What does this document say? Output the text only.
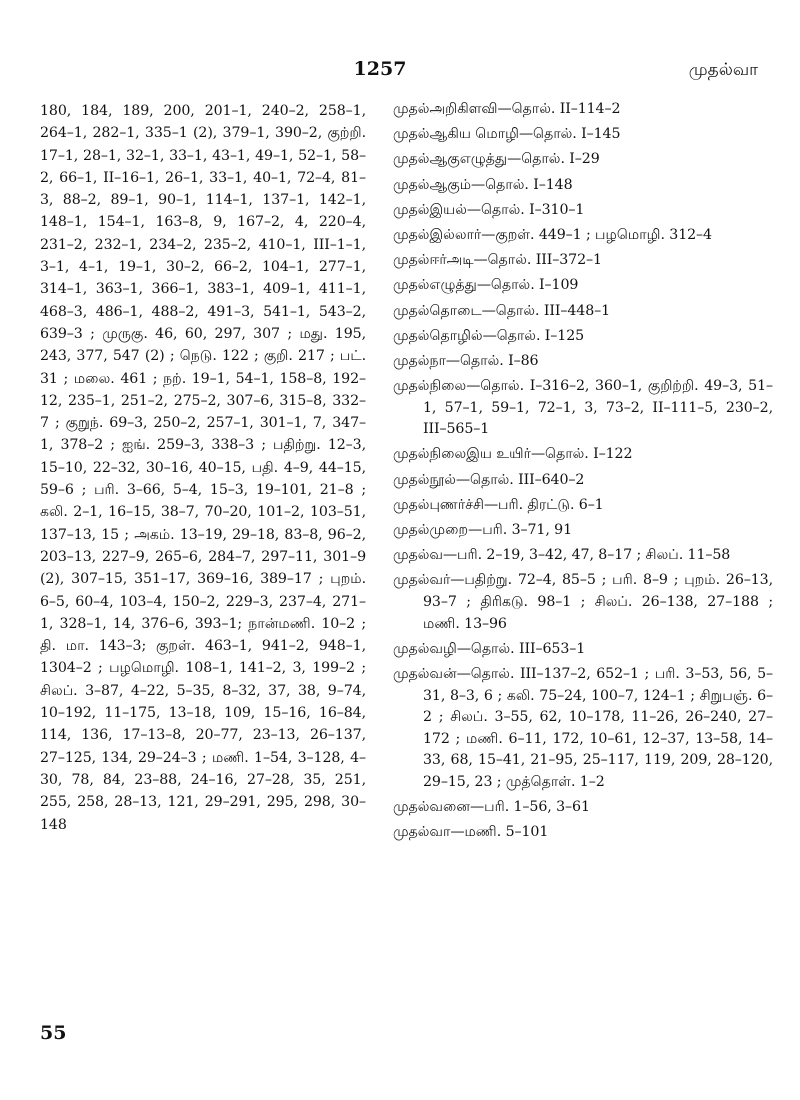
1257	முதல்வா

180, 184, 189, 200, 201–1, 240–2, 258–1, 264–1, 282–1, 335–1 (2), 379–1, 390–2, குற்றி. 17–1, 28–1, 32–1, 33–1, 43–1, 49–1, 52–1, 58–2, 66–1, II–16–1, 26–1, 33–1, 40–1, 72–4, 81–3, 88–2, 89–1, 90–1, 114–1, 137–1, 142–1, 148–1, 154–1, 163–8, 9, 167–2, 4, 220–4, 231–2, 232–1, 234–2, 235–2, 410–1, III–1–1, 3–1, 4–1, 19–1, 30–2, 66–2, 104–1, 277–1, 314–1, 363–1, 366–1, 383–1, 409–1, 411–1, 468–3, 486–1, 488–2, 491–3, 541–1, 543–2, 639–3 ; முருகு. 46, 60, 297, 307 ; மது. 195, 243, 377, 547 (2) ; நெடு. 122 ; குறி. 217 ; பட். 31 ; மலை. 461 ; நற். 19–1, 54–1, 158–8, 192–12, 235–1, 251–2, 275–2, 307–6, 315–8, 332–7 ; குறுந். 69–3, 250–2, 257–1, 301–1, 7, 347–1, 378–2 ; ஐங். 259–3, 338–3 ; பதிற்று. 12–3, 15–10, 22–32, 30–16, 40–15, பதி. 4–9, 44–15, 59–6 ; பரி. 3–66, 5–4, 15–3, 19–101, 21–8 ; கலி. 2–1, 16–15, 38–7, 70–20, 101–2, 103–51, 137–13, 15 ; அகம். 13–19, 29–18, 83–8, 96–2, 203–13, 227–9, 265–6, 284–7, 297–11, 301–9 (2), 307–15, 351–17, 369–16, 389–17 ; புறம். 6–5, 60–4, 103–4, 150–2, 229–3, 237–4, 271–1, 328–1, 14, 376–6, 393–1; நான்மணி. 10–2 ; தி. மா. 143–3; குறள். 463–1, 941–2, 948–1, 1304–2 ; பழமொழி. 108–1, 141–2, 3, 199–2 ; சிலப். 3–87, 4–22, 5–35, 8–32, 37, 38, 9–74, 10–192, 11–175, 13–18, 109, 15–16, 16–84, 114, 136, 17–13–8, 20–77, 23–13, 26–137, 27–125, 134, 29–24–3 ; மணி. 1–54, 3–128, 4–30, 78, 84, 23–88, 24–16, 27–28, 35, 251, 255, 258, 28–13, 121, 29–291, 295, 298, 30–148

முதல்அறிகிளவி—தொல். II–114–2

முதல்ஆகிய மொழி—தொல். I–145

முதல்ஆகுஎழுத்து—தொல். I–29

முதல்ஆகும்—தொல். I–148

முதல்இயல்—தொல். I–310–1

முதல்இல்லார்—குறள். 449–1 ; பழமொழி. 312–4

முதல்ஈர்அடி—தொல். III–372–1

முதல்எழுத்து—தொல். I–109

முதல்தொடை—தொல். III–448–1

முதல்தொழில்—தொல். I–125

முதல்நா—தொல். I–86

முதல்நிலை—தொல். I–316–2, 360–1, குறிற்றி. 49–3, 51–1, 57–1, 59–1, 72–1, 3, 73–2, II–111–5, 230–2, III–565–1

முதல்நிலைஇய உயிர்—தொல். I–122

முதல்நூல்—தொல். III–640–2

முதல்புணர்ச்சி—பரி. திரட்டு. 6–1

முதல்முறை—பரி. 3–71, 91

முதல்வ—பரி. 2–19, 3–42, 47, 8–17 ; சிலப். 11–58

முதல்வர்—பதிற்று. 72–4, 85–5 ; பரி. 8–9 ; புறம். 26–13, 93–7 ; திரிகடு. 98–1 ; சிலப். 26–138, 27–188 ; மணி. 13–96

முதல்வழி—தொல். III–653–1

முதல்வன்—தொல். III–137–2, 652–1 ; பரி. 3–53, 56, 5–31, 8–3, 6 ; கலி. 75–24, 100–7, 124–1 ; சிறுபஞ். 6–2 ; சிலப். 3–55, 62, 10–178, 11–26, 26–240, 27–172 ; மணி. 6–11, 172, 10–61, 12–37, 13–58, 14–33, 68, 15–41, 21–95, 25–117, 119, 209, 28–120, 29–15, 23 ; முத்தொள். 1–2

முதல்வனை—பரி. 1–56, 3–61

முதல்வா—மணி. 5–101

55
